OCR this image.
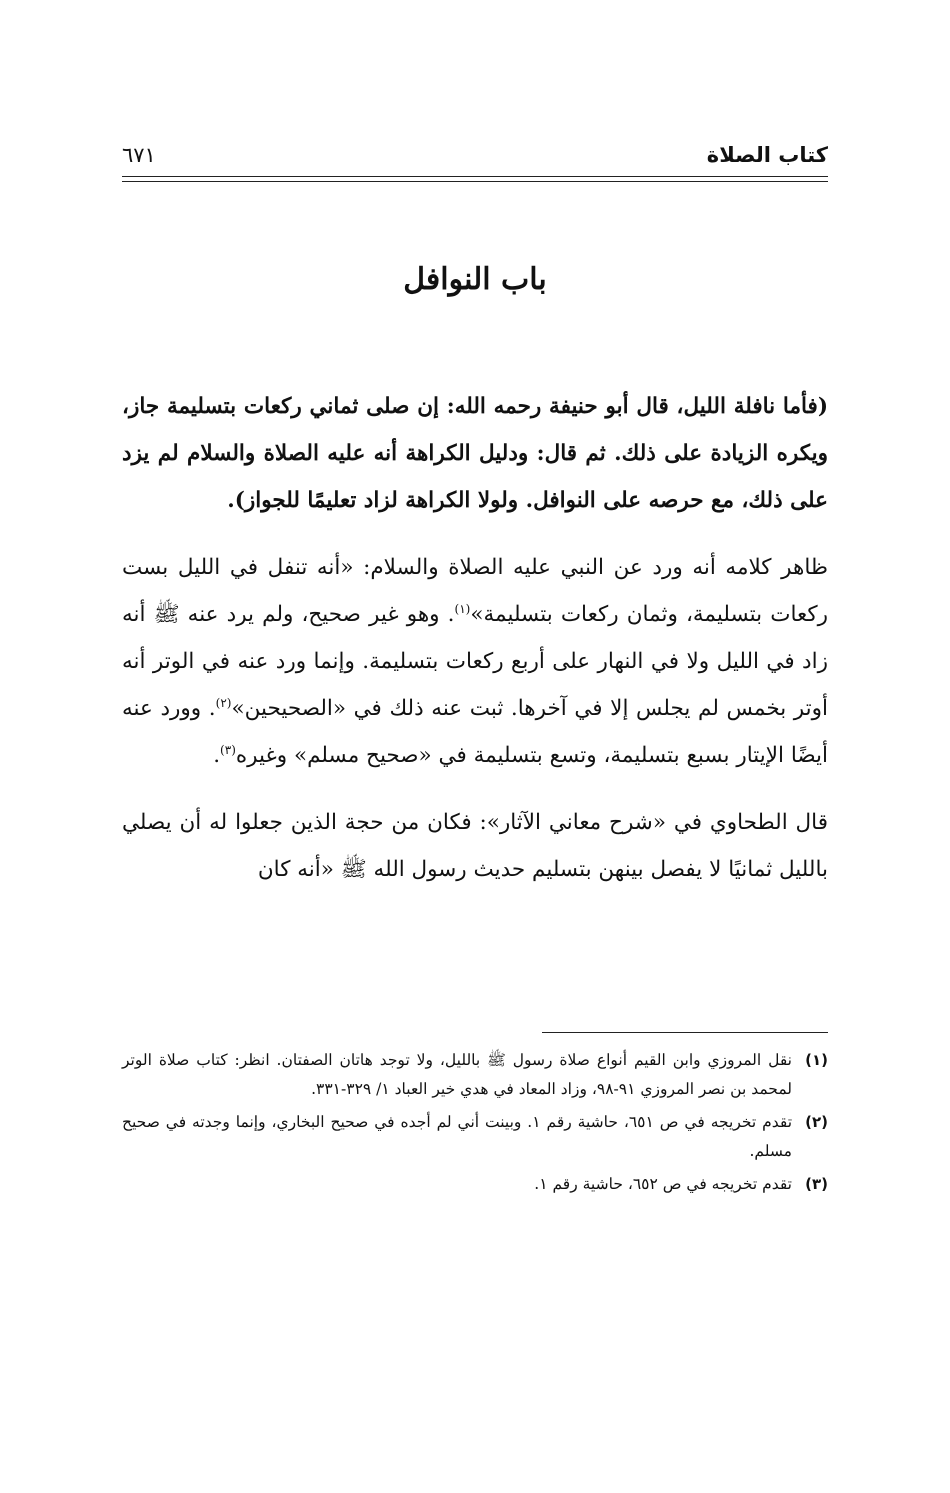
كتاب الصلاة
٦٧١
باب النوافل

(فأما نافلة الليل، قال أبو حنيفة رحمه الله: إن صلى ثماني ركعات بتسليمة جاز، ويكره الزيادة على ذلك. ثم قال: ودليل الكراهة أنه عليه الصلاة والسلام لم يزد على ذلك، مع حرصه على النوافل. ولولا الكراهة لزاد تعليمًا للجواز).

ظاهر كلامه أنه ورد عن النبي عليه الصلاة والسلام: «أنه تنفل في الليل بست ركعات بتسليمة، وثمان ركعات بتسليمة»$^{(١)}$. وهو غير صحيح، ولم يرد عنه ﷺ أنه زاد في الليل ولا في النهار على أربع ركعات بتسليمة. وإنما ورد عنه في الوتر أنه أوتر بخمس لم يجلس إلا في آخرها. ثبت عنه ذلك في «الصحيحين»$^{(٢)}$. وورد عنه أيضًا الإيتار بسبع بتسليمة، وتسع بتسليمة في «صحيح مسلم» وغيره$^{(٣)}$.

قال الطحاوي في «شرح معاني الآثار»: فكان من حجة الذين جعلوا له أن يصلي بالليل ثمانيًا لا يفصل بينهن بتسليم حديث رسول الله ﷺ «أنه كان

(١)
نقل المروزي وابن القيم أنواع صلاة رسول ﷺ بالليل، ولا توجد هاتان الصفتان. انظر: كتاب صلاة الوتر لمحمد بن نصر المروزي ٩١-٩٨، وزاد المعاد في هدي خير العباد ١/ ٣٢٩-٣٣١.
(٢)
تقدم تخريجه في ص ٦٥١، حاشية رقم ١. وبينت أني لم أجده في صحيح البخاري، وإنما وجدته في صحيح مسلم.
(٣)
تقدم تخريجه في ص ٦٥٢، حاشية رقم ١.
